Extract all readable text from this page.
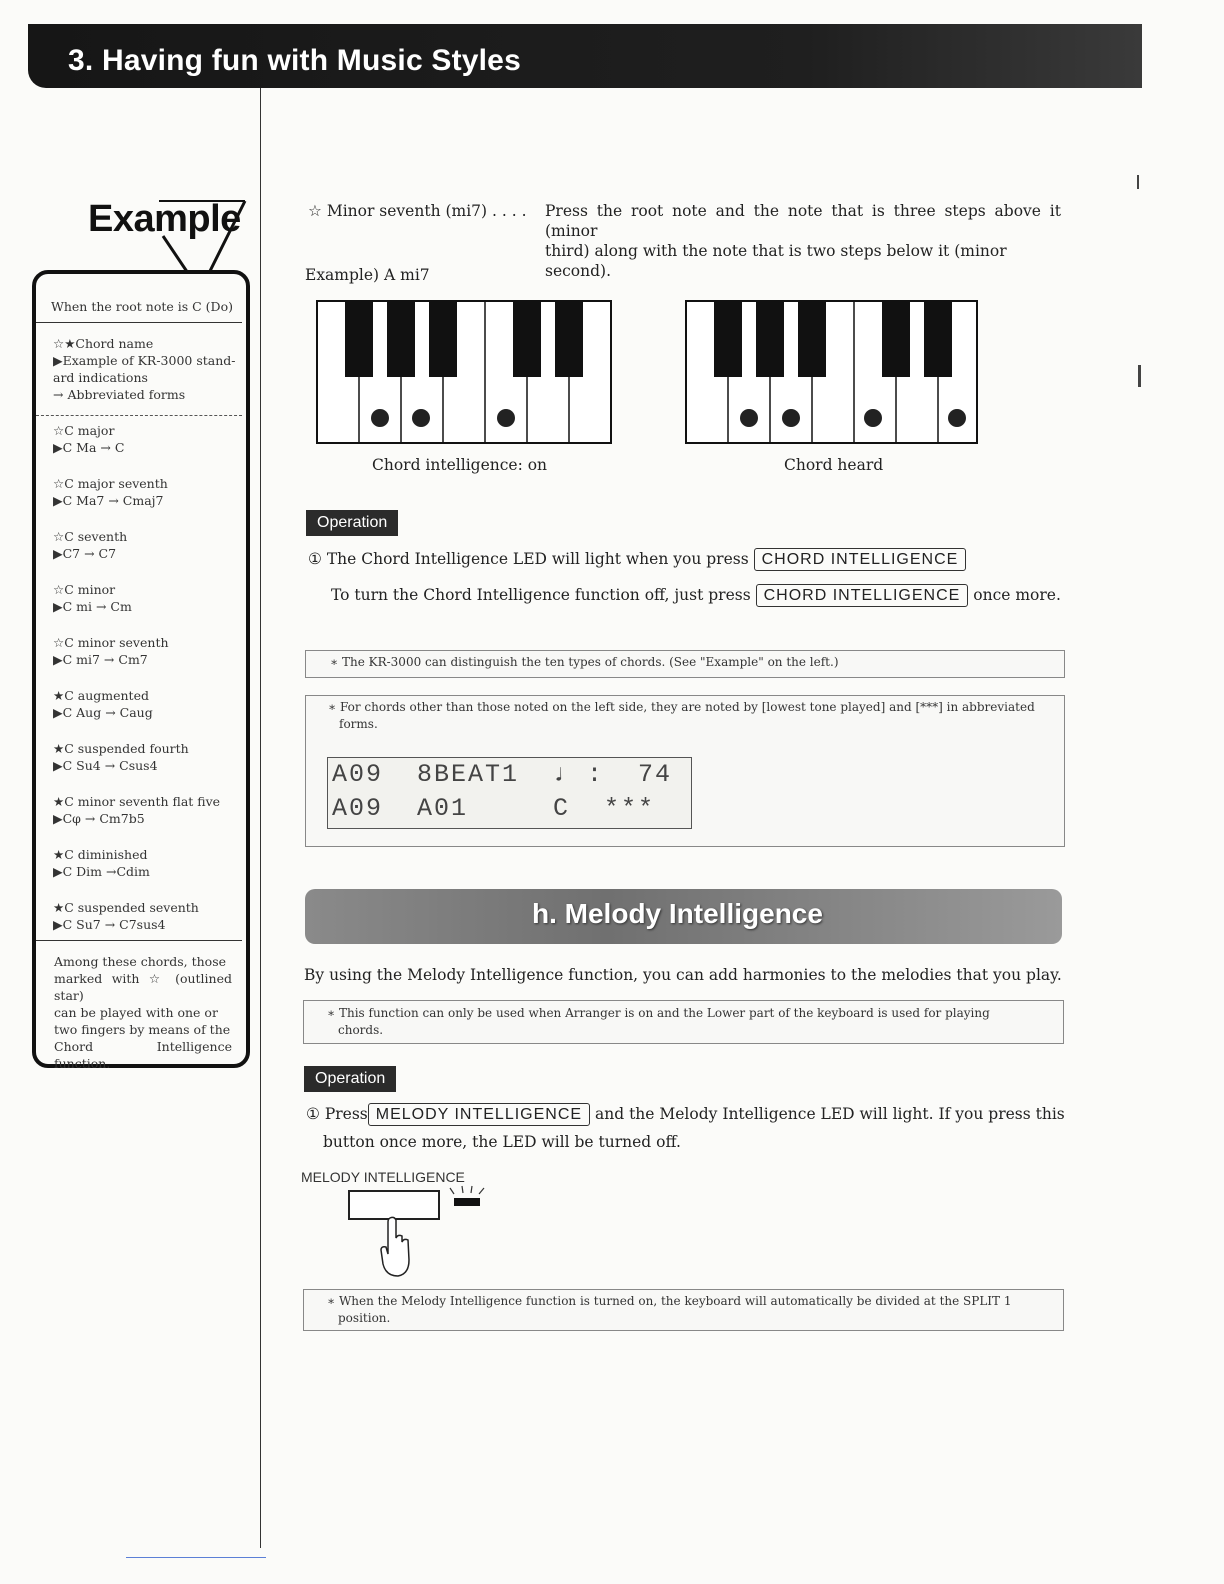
3. Having fun with Music Styles
Example
When the root note is C (Do)
☆★Chord name
▶Example of KR-3000 stand-
ard indications
→ Abbreviated forms
☆C major
▶C Ma → C
☆C major seventh
▶C Ma7 → Cmaj7
☆C seventh
▶C7 → C7
☆C minor
▶C mi → Cm
☆C minor seventh
▶C mi7 → Cm7
★C augmented
▶C Aug → Caug
★C suspended fourth
▶C Su4 → Csus4
★C minor seventh flat five
▶Cφ → Cm7b5
★C diminished
▶C Dim →Cdim
★C suspended seventh
▶C Su7 → C7sus4
Among these chords, those
marked with ☆ (outlined star)
can be played with one or
two fingers by means of the
Chord Intelligence function.
☆ Minor seventh (mi7) . . . . Press the root note and the note that is three steps above it (minor
third) along with the note that is two steps below it (minor
second).
Example) A mi7
Chord intelligence: on	Chord heard
Operation
① The Chord Intelligence LED will light when you press CHORD INTELLIGENCE
To turn the Chord Intelligence function off, just press CHORD INTELLIGENCE once more.
∗ The KR-3000 can distinguish the ten types of chords. (See "Example" on the left.)
∗ For chords other than those noted on the left side, they are noted by [lowest tone played] and [***] in abbreviated
forms.
A09  8BEAT1  ♩ :  74
A09  A01     C  ***
h. Melody Intelligence
By using the Melody Intelligence function, you can add harmonies to the melodies that you play.
∗ This function can only be used when Arranger is on and the Lower part of the keyboard is used for playing
chords.
Operation
① Press MELODY INTELLIGENCE and the Melody Intelligence LED will light. If you press this
button once more, the LED will be turned off.
MELODY INTELLIGENCE
∗ When the Melody Intelligence function is turned on, the keyboard will automatically be divided at the SPLIT 1
position.
